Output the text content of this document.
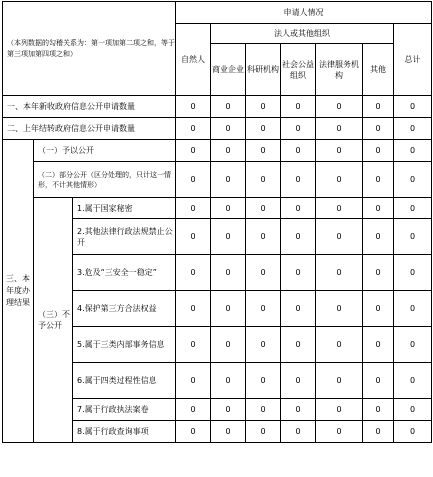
（本列数据的勾稽关系为：第一项加第二项之和，等于第三项加第四项之和）			申请人情况						
			自然人	法人或其他组织					总计
				商业企业	科研机构	社会公益组织	法律服务机构	其他	
一、本年新收政府信息公开申请数量			0	0	0	0	0	0	0
二、上年结转政府信息公开申请数量			0	0	0	0	0	0	0

三、本年度办理结果	（一）予以公开		0	0	0	0	0	0	0
	（二）部分公开（区分处理的，只计这一情形，不计其他情形）		0	0	0	0	0	0	0
	（三）不予公开	1.属于国家秘密	0	0	0	0	0	0	0
		2.其他法律行政法规禁止公开	0	0	0	0	0	0	0
		3.危及“三安全一稳定”	0	0	0	0	0	0	0
		4.保护第三方合法权益	0	0	0	0	0	0	0
		5.属于三类内部事务信息	0	0	0	0	0	0	0
		6.属于四类过程性信息	0	0	0	0	0	0	0
		7.属于行政执法案卷	0	0	0	0	0	0	0
		8.属于行政查询事项	0	0	0	0	0	0	0
